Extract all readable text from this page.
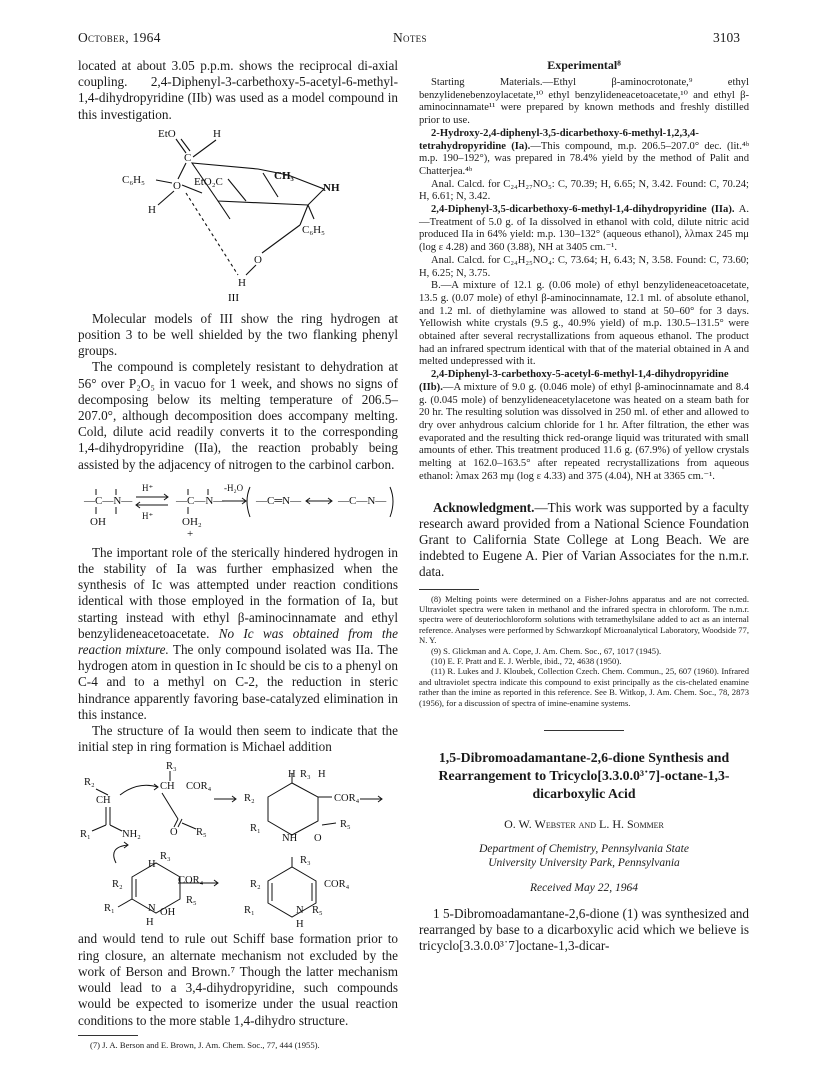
October, 1964	Notes	3103

located at about 3.05 p.p.m. shows the reciprocal di-axial coupling. 2,4-Diphenyl-3-carbethoxy-5-acetyl-6-methyl-1,4-dihydropyridine (IIb) was used as a model compound in this investigation.

EtO	H
C
C₆H₅	O EtO₂C	CH₃
NH
H
C₆H₅
O
H
III

Molecular models of III show the ring hydrogen at position 3 to be well shielded by the two flanking phenyl groups.

The compound is completely resistant to dehydration at 56° over P₂O₅ in vacuo for 1 week, and shows no signs of decomposing below its melting temperature of 206.5–207.0°, although decomposition does accompany melting. Cold, dilute acid readily converts it to the corresponding 1,4-dihydropyridine (IIa), the reaction probably being assisted by the adjacency of nitrogen to the carbinol carbon.

—C—N—	—C—N—	—C═N—	—C—N—
OH	OH₂
+
H⁺
H⁺
-H₂O

The important role of the sterically hindered hydrogen in the stability of Ia was further emphasized when the synthesis of Ic was attempted under reaction conditions identical with those employed in the formation of Ia, but starting instead with ethyl β-aminocinnamate and ethyl benzylideneacetoacetate. No Ic was obtained from the reaction mixture. The only compound isolated was IIa. The hydrogen atom in question in Ic should be cis to a phenyl on C-4 and to a methyl on C-2, the reduction in steric hindrance apparently favoring base-catalyzed elimination in this instance.

The structure of Ia would then seem to indicate that the initial step in ring formation is Michael addition

R₃
R₂	CH COR₄
CH
R₁	NH₂	O R₅
H R₃ H
R₂	COR₄
R₁
NH O
R₅
R₃
H
COR₄
R₂
R₅
R₁	N OH
H
R₃
R₂	COR₄
R₁	N R₅
H

and would tend to rule out Schiff base formation prior to ring closure, an alternate mechanism not excluded by the work of Berson and Brown.⁷ Though the latter mechanism would lead to a 3,4-dihydropyridine, such compounds would be expected to isomerize under the usual reaction conditions to the more stable 1,4-dihydro structure.

(7) J. A. Berson and E. Brown, J. Am. Chem. Soc., 77, 444 (1955).

Experimental⁸

Starting Materials.—Ethyl β-aminocrotonate,⁹ ethyl benzylidenebenzoylacetate,¹⁰ ethyl benzylideneacetoacetate,¹⁰ and ethyl β-aminocinnamate¹¹ were prepared by known methods and freshly distilled prior to use.

2-Hydroxy-2,4-diphenyl-3,5-dicarbethoxy-6-methyl-1,2,3,4-tetrahydropyridine (Ia).—This compound, m.p. 206.5–207.0° dec. (lit.⁴ᵇ m.p. 190–192°), was prepared in 78.4% yield by the method of Palit and Chatterjea.⁴ᵇ

Anal. Calcd. for C₂₄H₂₇NO₅: C, 70.39; H, 6.65; N, 3.42. Found: C, 70.24; H, 6.61; N, 3.42.

2,4-Diphenyl-3,5-dicarbethoxy-6-methyl-1,4-dihydropyridine (IIa). A.—Treatment of 5.0 g. of Ia dissolved in ethanol with cold, dilute nitric acid produced IIa in 64% yield: m.p. 130–132° (aqueous ethanol), λλmax 245 mμ (log ε 4.28) and 360 (3.88), NH at 3405 cm.⁻¹.

Anal. Calcd. for C₂₄H₂₅NO₄: C, 73.64; H, 6.43; N, 3.58. Found: C, 73.60; H, 6.25; N, 3.75.

B.—A mixture of 12.1 g. (0.06 mole) of ethyl benzylideneacetoacetate, 13.5 g. (0.07 mole) of ethyl β-aminocinnamate, 12.1 ml. of absolute ethanol, and 1.2 ml. of diethylamine was allowed to stand at 50–60° for 3 days. Yellowish white crystals (9.5 g., 40.9% yield) of m.p. 130.5–131.5° were obtained after several recrystallizations from aqueous ethanol. The product had an infrared spectrum identical with that of the material obtained in A and melted undepressed with it.

2,4-Diphenyl-3-carbethoxy-5-acetyl-6-methyl-1,4-dihydropyridine (IIb).—A mixture of 9.0 g. (0.046 mole) of ethyl β-aminocinnamate and 8.4 g. (0.045 mole) of benzylideneacetylacetone was heated on a steam bath for 20 hr. The resulting solution was dissolved in 250 ml. of ether and allowed to dry over anhydrous calcium chloride for 1 hr. After filtration, the ether was evaporated and the resulting thick red-orange liquid was triturated with small amounts of ether. This treatment produced 11.6 g. (67.9%) of yellow crystals melting at 162.0–163.5° after repeated recrystallizations from aqueous ethanol: λmax 263 mμ (log ε 4.33) and 375 (4.04), NH at 3365 cm.⁻¹.

Acknowledgment.—This work was supported by a faculty research award provided from a National Science Foundation Grant to California State College at Long Beach. We are indebted to Eugene A. Pier of Varian Associates for the n.m.r. data.

(8) Melting points were determined on a Fisher-Johns apparatus and are not corrected. Ultraviolet spectra were taken in methanol and the infrared spectra in chloroform. The n.m.r. spectra were of deuteriochloroform solutions with tetramethylsilane added to act as an internal reference. Analyses were performed by Schwarzkopf Microanalytical Laboratory, Woodside 77, N. Y.

(9) S. Glickman and A. Cope, J. Am. Chem. Soc., 67, 1017 (1945).

(10) E. F. Pratt and E. J. Werble, ibid., 72, 4638 (1950).

(11) R. Lukes and J. Kloubek, Collection Czech. Chem. Commun., 25, 607 (1960). Infrared and ultraviolet spectra indicate this compound to exist principally as the cis-chelated enamine rather than the imine as reported in this reference. See B. Witkop, J. Am. Chem. Soc., 78, 2873 (1956), for a discussion of spectra of imine-enamine systems.

1,5-Dibromoadamantane-2,6-dione Synthesis and Rearrangement to Tricyclo[3.3.0.0³˙7]-octane-1,3-dicarboxylic Acid
O. W. Webster and L. H. Sommer
Department of Chemistry, Pennsylvania State University University Park, Pennsylvania
Received May 22, 1964

1 5-Dibromoadamantane-2,6-dione (1) was synthesized and rearranged by base to a dicarboxylic acid which we believe is tricyclo[3.3.0.0³˙7]octane-1,3-dicar-
